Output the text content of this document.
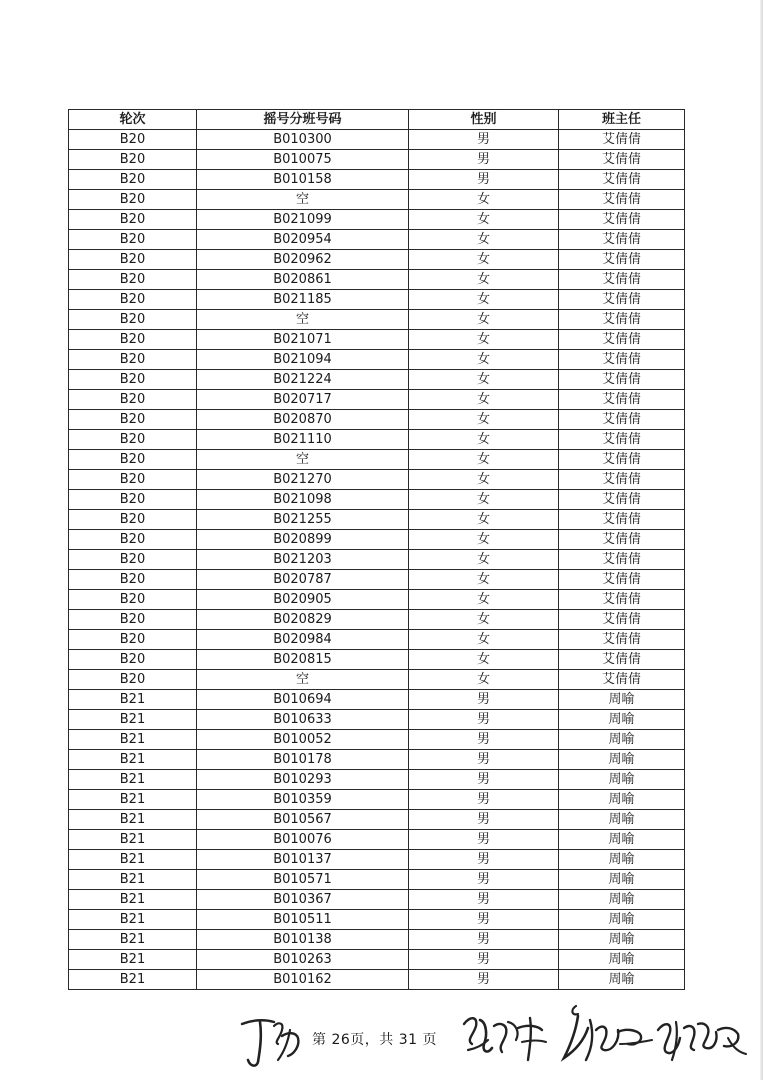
轮次	摇号分班号码	性别	班主任
B20	B010300	男	艾倩倩
B20	B010075	男	艾倩倩
B20	B010158	男	艾倩倩
B20	空	女	艾倩倩
B20	B021099	女	艾倩倩
B20	B020954	女	艾倩倩
B20	B020962	女	艾倩倩
B20	B020861	女	艾倩倩
B20	B021185	女	艾倩倩
B20	空	女	艾倩倩
B20	B021071	女	艾倩倩
B20	B021094	女	艾倩倩
B20	B021224	女	艾倩倩
B20	B020717	女	艾倩倩
B20	B020870	女	艾倩倩
B20	B021110	女	艾倩倩
B20	空	女	艾倩倩
B20	B021270	女	艾倩倩
B20	B021098	女	艾倩倩
B20	B021255	女	艾倩倩
B20	B020899	女	艾倩倩
B20	B021203	女	艾倩倩
B20	B020787	女	艾倩倩
B20	B020905	女	艾倩倩
B20	B020829	女	艾倩倩
B20	B020984	女	艾倩倩
B20	B020815	女	艾倩倩
B20	空	女	艾倩倩
B21	B010694	男	周喻
B21	B010633	男	周喻
B21	B010052	男	周喻
B21	B010178	男	周喻
B21	B010293	男	周喻
B21	B010359	男	周喻
B21	B010567	男	周喻
B21	B010076	男	周喻
B21	B010137	男	周喻
B21	B010571	男	周喻
B21	B010367	男	周喻
B21	B010511	男	周喻
B21	B010138	男	周喻
B21	B010263	男	周喻
B21	B010162	男	周喻
第 26页，共 31 页
